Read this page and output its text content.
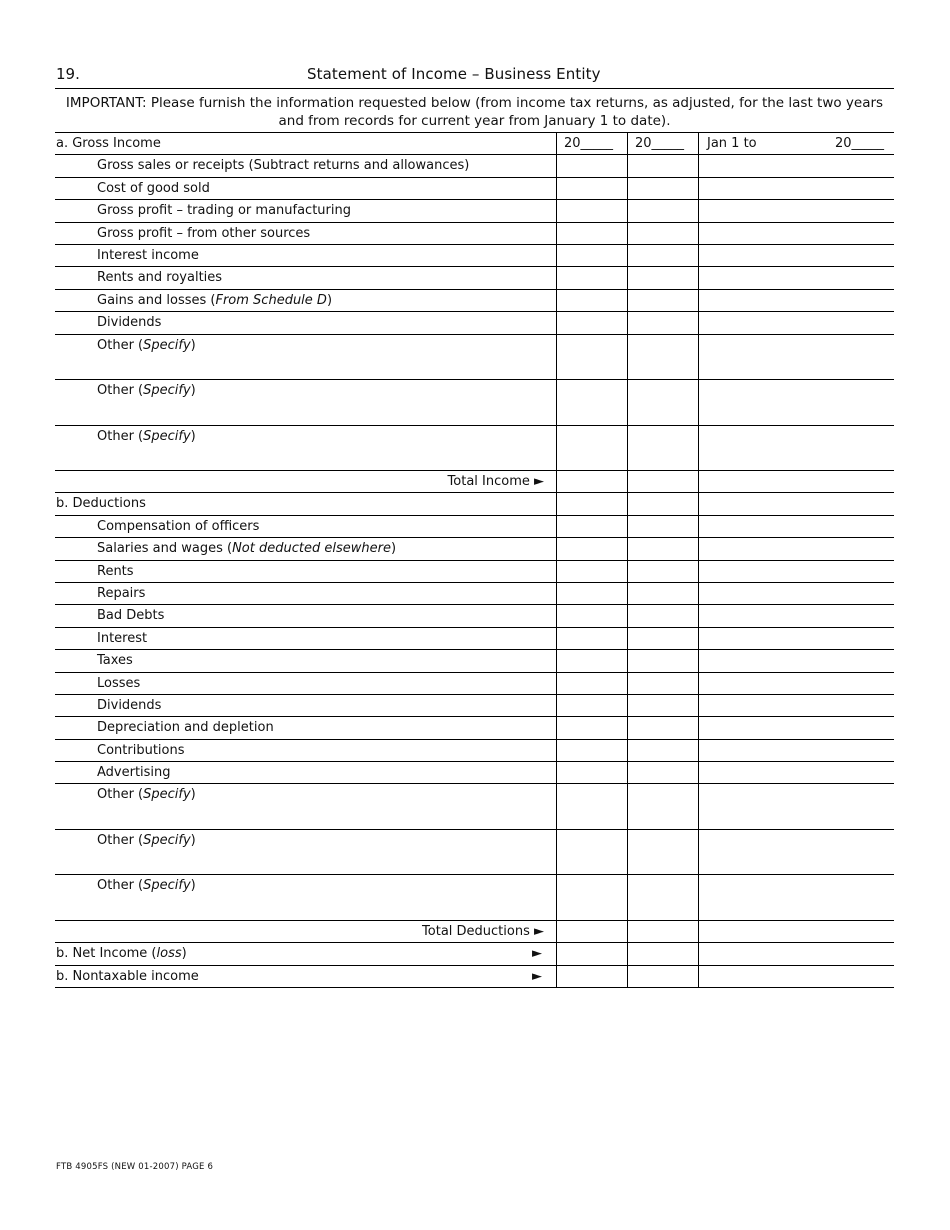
19.	Statement of Income – Business Entity
IMPORTANT: Please furnish the information requested below (from income tax returns, as adjusted, for the last two years and from records for current year from January 1 to date).
a. Gross Income	20_____	20_____	Jan 1 to	20_____
Gross sales or receipts (Subtract returns and allowances)
Cost of good sold
Gross profit – trading or manufacturing
Gross profit – from other sources
Interest income
Rents and royalties
Gains and losses (From Schedule D)
Dividends
Other (Specify)
Other (Specify)
Other (Specify)
Total Income ►
b. Deductions
Compensation of officers
Salaries and wages (Not deducted elsewhere)
Rents
Repairs
Bad Debts
Interest
Taxes
Losses
Dividends
Depreciation and depletion
Contributions
Advertising
Other (Specify)
Other (Specify)
Other (Specify)
Total Deductions ►
b. Net Income (loss)	►
b. Nontaxable income	►
FTB 4905FS (NEW 01-2007) PAGE 6
